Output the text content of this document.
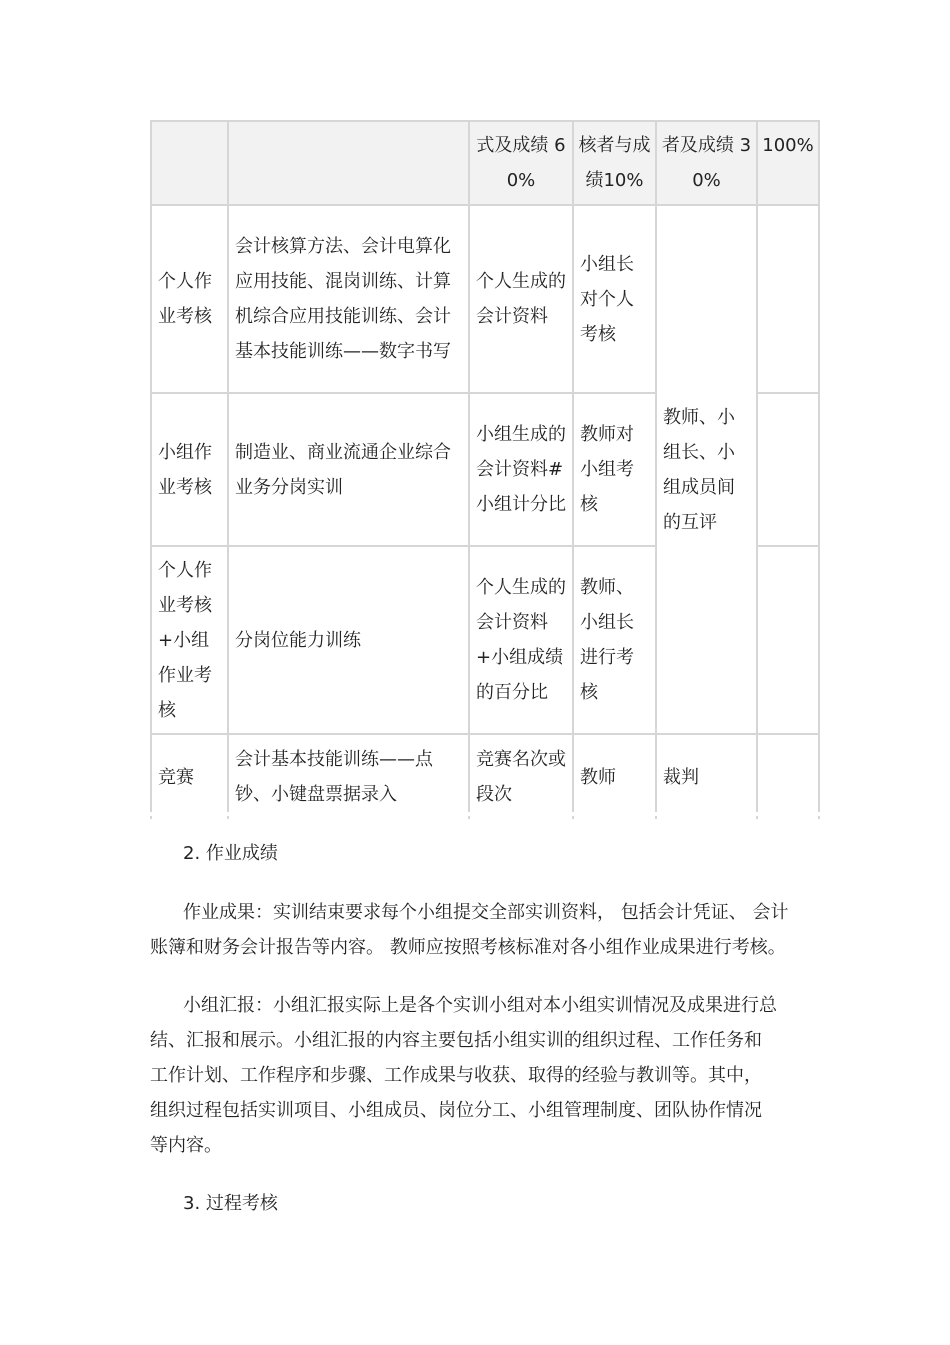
		式及成绩 60%	核者与成绩10%	者及成绩 30%	100%
个人作业考核	会计核算方法、会计电算化应用技能、混岗训练、计算机综合应用技能训练、会计基本技能训练——数字书写	个人生成的会计资料	小组长对个人考核	教师、小组长、小组成员间的互评	
小组作业考核	制造业、商业流通企业综合业务分岗实训	小组生成的会计资料#小组计分比	教师对小组考核		
个人作业考核+小组作业考核	分岗位能力训练	个人生成的会计资料+小组成绩的百分比	教师、小组长进行考核		
竞赛	会计基本技能训练——点钞、小键盘票据录入	竞赛名次或段次	教师	裁判	

2. 作业成绩

作业成果：实训结束要求每个小组提交全部实训资料， 包括会计凭证、 会计
账簿和财务会计报告等内容。 教师应按照考核标准对各小组作业成果进行考核。

小组汇报：小组汇报实际上是各个实训小组对本小组实训情况及成果进行总
结、汇报和展示。小组汇报的内容主要包括小组实训的组织过程、工作任务和
工作计划、工作程序和步骤、工作成果与收获、取得的经验与教训等。其中，
组织过程包括实训项目、小组成员、岗位分工、小组管理制度、团队协作情况
等内容。

3. 过程考核
